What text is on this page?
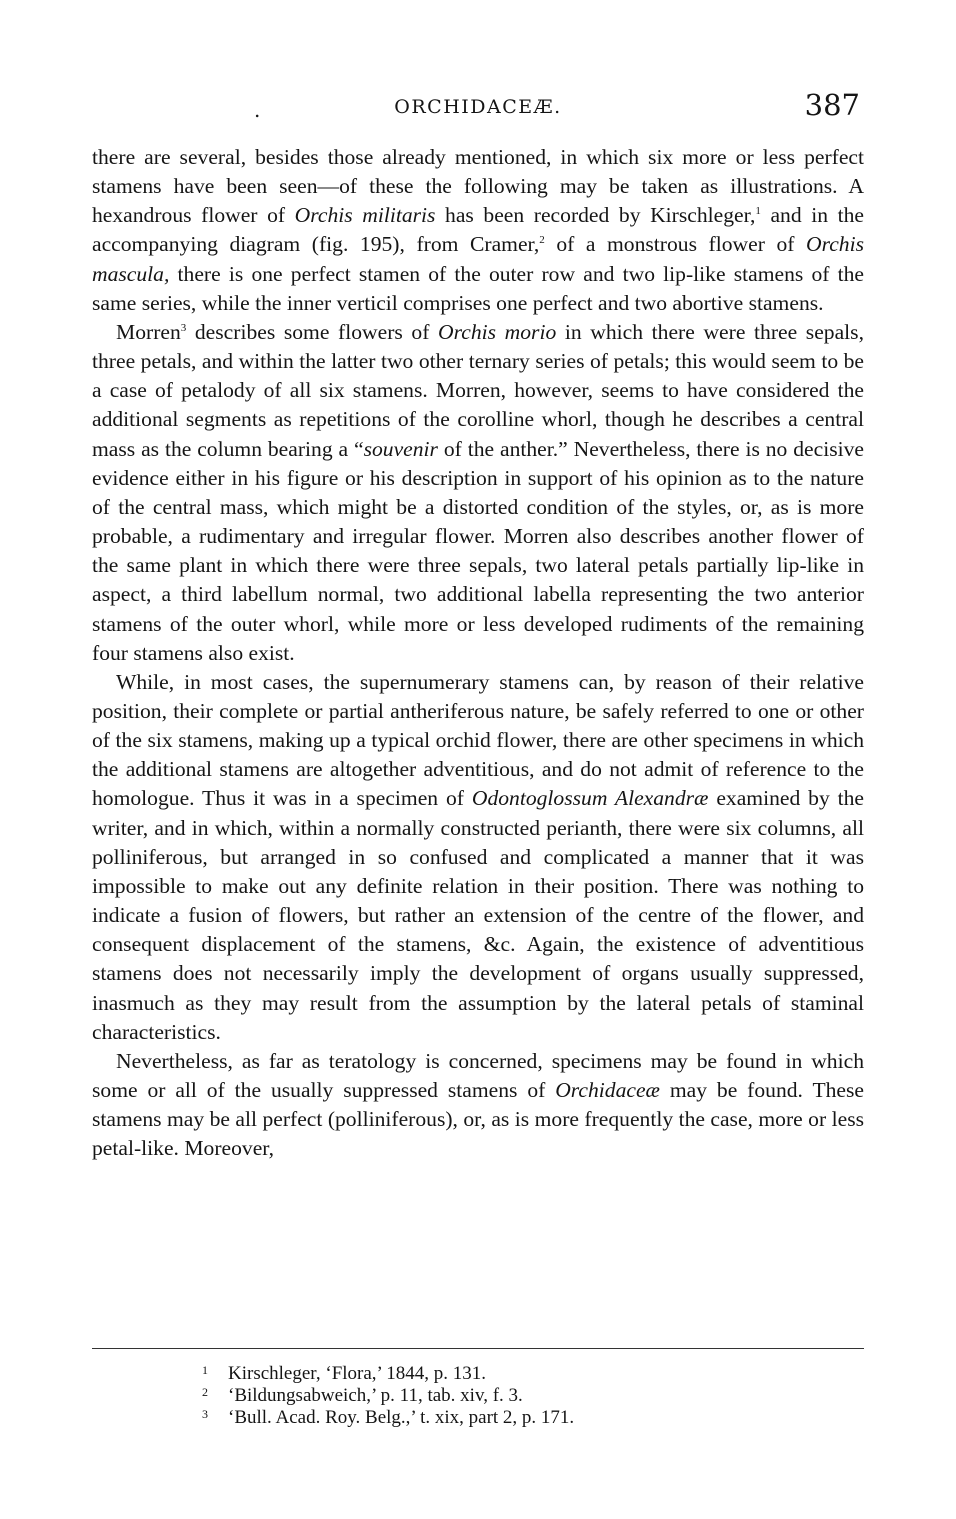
.	ORCHIDACEÆ.	387

there are several, besides those already mentioned, in which six more or less perfect stamens have been seen—of these the following may be taken as illustrations. A hexandrous flower of Orchis militaris has been recorded by Kirschleger,$^1$ and in the accompanying diagram (fig. 195), from Cramer,$^2$ of a monstrous flower of Orchis mascula, there is one perfect stamen of the outer row and two lip-like stamens of the same series, while the inner verticil comprises one perfect and two abortive stamens.

Morren$^3$ describes some flowers of Orchis morio in which there were three sepals, three petals, and within the latter two other ternary series of petals; this would seem to be a case of petalody of all six stamens. Morren, however, seems to have considered the additional segments as repetitions of the corolline whorl, though he describes a central mass as the column bearing a “souvenir of the anther.” Nevertheless, there is no decisive evidence either in his figure or his description in support of his opinion as to the nature of the central mass, which might be a distorted condition of the styles, or, as is more probable, a rudimentary and irregular flower. Morren also describes another flower of the same plant in which there were three sepals, two lateral petals partially lip-like in aspect, a third labellum normal, two additional labella representing the two anterior stamens of the outer whorl, while more or less developed rudiments of the remaining four stamens also exist.

While, in most cases, the supernumerary stamens can, by reason of their relative position, their complete or partial antheriferous nature, be safely referred to one or other of the six stamens, making up a typical orchid flower, there are other specimens in which the additional stamens are altogether adventitious, and do not admit of reference to the homologue. Thus it was in a specimen of Odontoglossum Alexandræ examined by the writer, and in which, within a normally constructed perianth, there were six columns, all polliniferous, but arranged in so confused and complicated a manner that it was impossible to make out any definite relation in their position. There was nothing to indicate a fusion of flowers, but rather an extension of the centre of the flower, and consequent displacement of the stamens, &c. Again, the existence of adventitious stamens does not necessarily imply the development of organs usually suppressed, inasmuch as they may result from the assumption by the lateral petals of staminal characteristics.

Nevertheless, as far as teratology is concerned, specimens may be found in which some or all of the usually suppressed stamens of Orchidaceæ may be found. These stamens may be all perfect (polliniferous), or, as is more frequently the case, more or less petal-like. Moreover,

1 Kirschleger, ‘Flora,’ 1844, p. 131.

2 ‘Bildungsabweich,’ p. 11, tab. xiv, f. 3.

3 ‘Bull. Acad. Roy. Belg.,’ t. xix, part 2, p. 171.
